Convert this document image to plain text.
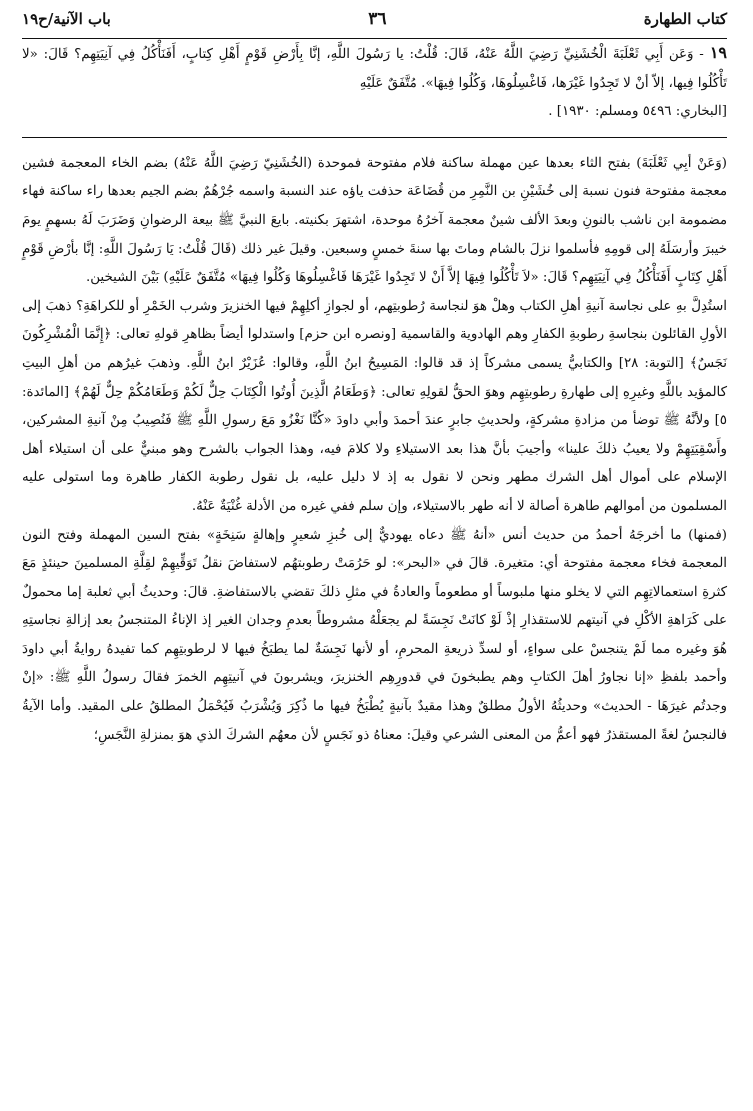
كتاب الطهارة
٣٦
باب الآنية/ح١٩

١٩- وَعَن أَبِي ثَعْلَبَةَ الْخُشَنِيِّ رَضِيَ اللَّهُ عَنْهُ، قَالَ: قُلْتُ: يا رَسُولَ اللَّهِ، إنَّا بِأَرْضِ قَوْمٍ أَهْلِ كِتابٍ، أَفَنَأْكُلُ فِي آنِيَتِهِم؟ قَالَ: «لا تَأْكُلُوا فِيها، إلاّ أنْ لا تَجِدُوا غَيْرَها، فَاغْسِلُوهَا، وَكُلُوا فِيهَا». مُتَّفَقٌ عَلَيْهِ

[البخاري: ٥٤٩٦ ومسلم: ١٩٣٠] .

(وَعَنْ أبِي ثَعْلَبَةَ) بفتح الثاء بعدها عين مهملة ساكنة فلام مفتوحة فموحدة (الخُشَنِيّ رَضِيَ اللَّهُ عَنْهُ) بضم الخاء المعجمة فشين معجمة مفتوحة فنون نسبة إلى خُشَيْنِ بن النَّمِرِ من قُضَاعَة حذفت ياؤه عند النسبة واسمه جُرْهُمٌ بضم الجيم بعدها راء ساكنة فهاء مضمومة ابن ناشب بالنونِ وبعدَ الألف شينٌ معجمة آخرُهُ موحدة، اشتهرَ بكنيته. بايعَ النبيَّ ﷺ بيعة الرضوانِ وَضَرَبَ لَهُ بسهمٍ يومَ خيبرَ وأرسَلَهُ إلى قومِهِ فأسلموا نزلَ بالشام وماتَ بها سنةَ خمسٍ وسبعين. وقيلَ غير ذلك (قَالَ قُلْتُ: يَا رَسُولَ اللَّهِ: إنَّا بأرْضِ قَوْمٍ أَهْلِ كِتَابٍ أَفَنَأْكُلُ فِي آنِيَتِهِم؟ قَالَ: «لاَ تَأْكُلُوا فِيهَا إلاَّ أَنْ لا تَجِدُوا غَيْرَهَا فَاغْسِلُوهَا وَكُلُوا فِيهَا» مُتَّفَقٌ عَلَيْهِ) بَيْنَ الشيخين.

استُدِلَّ بهِ على نجاسة آنيةِ أهلِ الكتاب وهلْ هوَ لنجاسة رُطوبتِهم، أو لجوازِ أكلِهِمْ فيها الخنزيرَ وشرب الخَمْرِ أو للكراهَةِ؟ ذهبَ إلى الأولِ القائلون بنجاسةِ رطوبةِ الكفارِ وهم الهادوية والقاسمية [ونصره ابن حزم] واستدلوا أيضاً بظاهرِ قولهِ تعالى: ﴿إِنَّمَا الْمُشْرِكُونَ نَجَسٌ﴾ [التوبة: ٢٨] والكتابيُّ يسمى مشركاً إذ قد قالوا: المَسِيحُ ابنُ اللَّهِ، وقالوا: عُزَيْرٌ ابنُ اللَّهِ. وذهبَ غيرُهم من أهلِ البيتِ كالمؤيد باللَّهِ وغيرِهِ إلى طهارةِ رطوبتِهِم وهوَ الحقُّ لقولِهِ تعالى: ﴿وَطَعَامُ الَّذِينَ أُوتُوا الْكِتَابَ حِلٌّ لَكُمْ وَطَعَامُكُمْ حِلٌّ لَهُمْ﴾ [المائدة: ٥] ولأنَّهُ ﷺ توضأ من مزادةِ مشركةٍ، ولحديثِ جابرٍ عندَ أحمدَ وأبي داودَ «كُنَّا نَغْزُو مَعَ رسولِ اللَّهِ ﷺ فَنُصِيبُ مِنْ آنيةِ المشركين، وأَسْقِيَتِهِمْ ولا يعيبُ ذلكَ علينا» وأجيبَ بأنَّ هذا بعد الاستيلاءِ ولا كلامَ فيه، وهذا الجواب بالشرح وهو مبنيٌّ على أن استيلاء أهل الإسلام على أموال أهل الشرك مطهر ونحن لا نقول به إذ لا دليل عليه، بل نقول رطوبة الكفار طاهرة وما استولى عليه المسلمون من أموالهم طاهرة أصالة لا أنه طهر بالاستيلاء، وإن سلم ففي غيره من الأدلة غُنْيَةٌ عَنْهُ.

(فمنها) ما أخرجَهُ أحمدُ من حديث أنس «أنهُ ﷺ دعاه يهوديٌّ إلى خُبزِ شعيرٍ وإهالةٍ سَنِخَةٍ» بفتح السين المهملة وفتح النون المعجمة فخاء معجمة مفتوحة أي: متغيرة. قالَ في «البحر»: لو حَرُمَتْ رطوبتهُم لاستفاضَ نقلُ تَوَقِّيهِمْ لقِلَّةِ المسلمينَ حينئذٍ مَعَ كثرةِ استعمالاتِهِم التي لا يخلو منها ملبوساً أو مطعوماً والعادةُ في مثلِ ذلكَ تقضي بالاستفاضةِ. قالَ: وحديثُ أبي ثعلبة إما محمولٌ على كَرَاهةِ الأكْلِ في آنيتهم للاستقذارِ إذْ لَوْ كانَتْ نَجِسَةً لم يجعَلْهُ مشروطاً بعدمِ وجدان الغير إذ الإناءُ المتنجسُ بعد إزالةِ نجاستِهِ هُوَ وغيره مما لَمْ يتنجسْ على سواءٍ، أو لسدِّ ذريعةِ المحرمِ، أو لأنها نَجِسَةٌ لما يطبَخُ فيها لا لرطوبتِهِم كما تفيدهُ روايةُ أبي داودَ وأحمد بلفظِ «إنا نجاورُ أهلَ الكتابِ وهم يطبخونَ في قدورِهِم الخنزيرَ، ويشربونَ في آنيتِهِم الخمرَ فقالَ رسولُ اللَّهِ ﷺ: «إنْ وجدتُم غيرَهَا - الحديث» وحديثُهُ الأولُ مطلقٌ وهذا مقيدٌ بآنيةٍ يُطْبَخُ فيها ما ذُكِرَ وَيُشْرَبُ فَيُحْمَلُ المطلقُ على المقيد. وأما الآيةُ فالنجسُ لغةً المستقذرُ فهو أعمُّ من المعنى الشرعي وقيلَ: معناهُ ذو نَجَسٍ لأن معهُم الشركَ الذي هوَ بمنزلةِ النَّجَسِ؛
